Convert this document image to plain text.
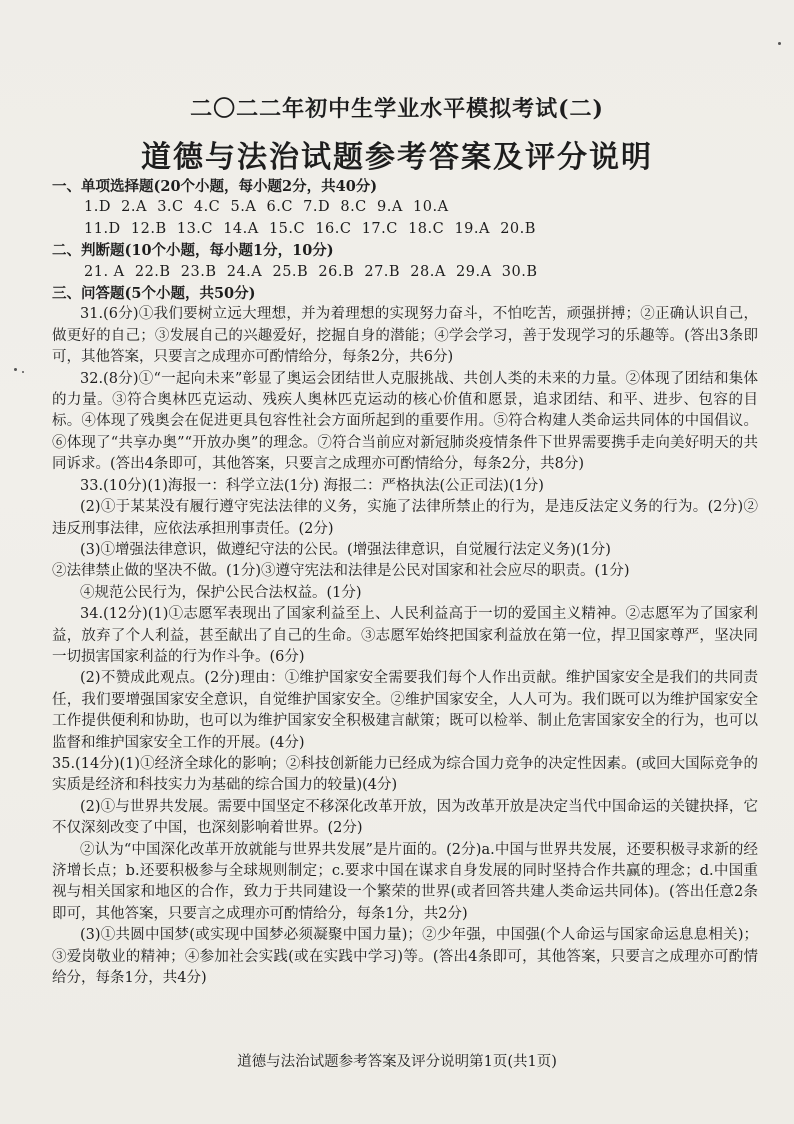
二〇二二年初中生学业水平模拟考试(二)
道德与法治试题参考答案及评分说明
一、单项选择题(20个小题，每小题2分，共40分)
1.D  2.A  3.C  4.C  5.A  6.C  7.D  8.C  9.A  10.A
11.D  12.B  13.C  14.A  15.C  16.C  17.C  18.C  19.A  20.B
二、判断题(10个小题，每小题1分，10分)
21. A  22.B  23.B  24.A  25.B  26.B  27.B  28.A  29.A  30.B
三、问答题(5个小题，共50分)
31.(6分)①我们要树立远大理想，并为着理想的实现努力奋斗，不怕吃苦，顽强拼搏；②正确认识自己，做更好的自己；③发展自己的兴趣爱好，挖掘自身的潜能；④学会学习，善于发现学习的乐趣等。(答出3条即可，其他答案，只要言之成理亦可酌情给分，每条2分，共6分)
32.(8分)①“一起向未来”彰显了奥运会团结世人克服挑战、共创人类的未来的力量。②体现了团结和集体的力量。③符合奥林匹克运动、残疾人奥林匹克运动的核心价值和愿景，追求团结、和平、进步、包容的目标。④体现了残奥会在促进更具包容性社会方面所起到的重要作用。⑤符合构建人类命运共同体的中国倡议。⑥体现了“共享办奥”“开放办奥”的理念。⑦符合当前应对新冠肺炎疫情条件下世界需要携手走向美好明天的共同诉求。(答出4条即可，其他答案，只要言之成理亦可酌情给分，每条2分，共8分)
33.(10分)(1)海报一：科学立法(1分) 海报二：严格执法(公正司法)(1分)
(2)①于某某没有履行遵守宪法法律的义务，实施了法律所禁止的行为，是违反法定义务的行为。(2分)②违反刑事法律，应依法承担刑事责任。(2分)
(3)①增强法律意识，做遵纪守法的公民。(增强法律意识，自觉履行法定义务)(1分)
②法律禁止做的坚决不做。(1分)③遵守宪法和法律是公民对国家和社会应尽的职责。(1分)
④规范公民行为，保护公民合法权益。(1分)
34.(12分)(1)①志愿军表现出了国家利益至上、人民利益高于一切的爱国主义精神。②志愿军为了国家利益，放弃了个人利益，甚至献出了自己的生命。③志愿军始终把国家利益放在第一位，捍卫国家尊严，坚决同一切损害国家利益的行为作斗争。(6分)
(2)不赞成此观点。(2分)理由：①维护国家安全需要我们每个人作出贡献。维护国家安全是我们的共同责任，我们要增强国家安全意识，自觉维护国家安全。②维护国家安全，人人可为。我们既可以为维护国家安全工作提供便利和协助，也可以为维护国家安全积极建言献策；既可以检举、制止危害国家安全的行为，也可以监督和维护国家安全工作的开展。(4分)
35.(14分)(1)①经济全球化的影响；②科技创新能力已经成为综合国力竞争的决定性因素。(或回大国际竞争的实质是经济和科技实力为基础的综合国力的较量)(4分)
(2)①与世界共发展。需要中国坚定不移深化改革开放，因为改革开放是决定当代中国命运的关键抉择，它不仅深刻改变了中国，也深刻影响着世界。(2分)
②认为“中国深化改革开放就能与世界共发展”是片面的。(2分)a.中国与世界共发展，还要积极寻求新的经济增长点；b.还要积极参与全球规则制定；c.要求中国在谋求自身发展的同时坚持合作共赢的理念；d.中国重视与相关国家和地区的合作，致力于共同建设一个繁荣的世界(或者回答共建人类命运共同体)。(答出任意2条即可，其他答案，只要言之成理亦可酌情给分，每条1分，共2分)
(3)①共圆中国梦(或实现中国梦必须凝聚中国力量)；②少年强，中国强(个人命运与国家命运息息相关)；③爱岗敬业的精神；④参加社会实践(或在实践中学习)等。(答出4条即可，其他答案，只要言之成理亦可酌情给分，每条1分，共4分)
道德与法治试题参考答案及评分说明第1页(共1页)
